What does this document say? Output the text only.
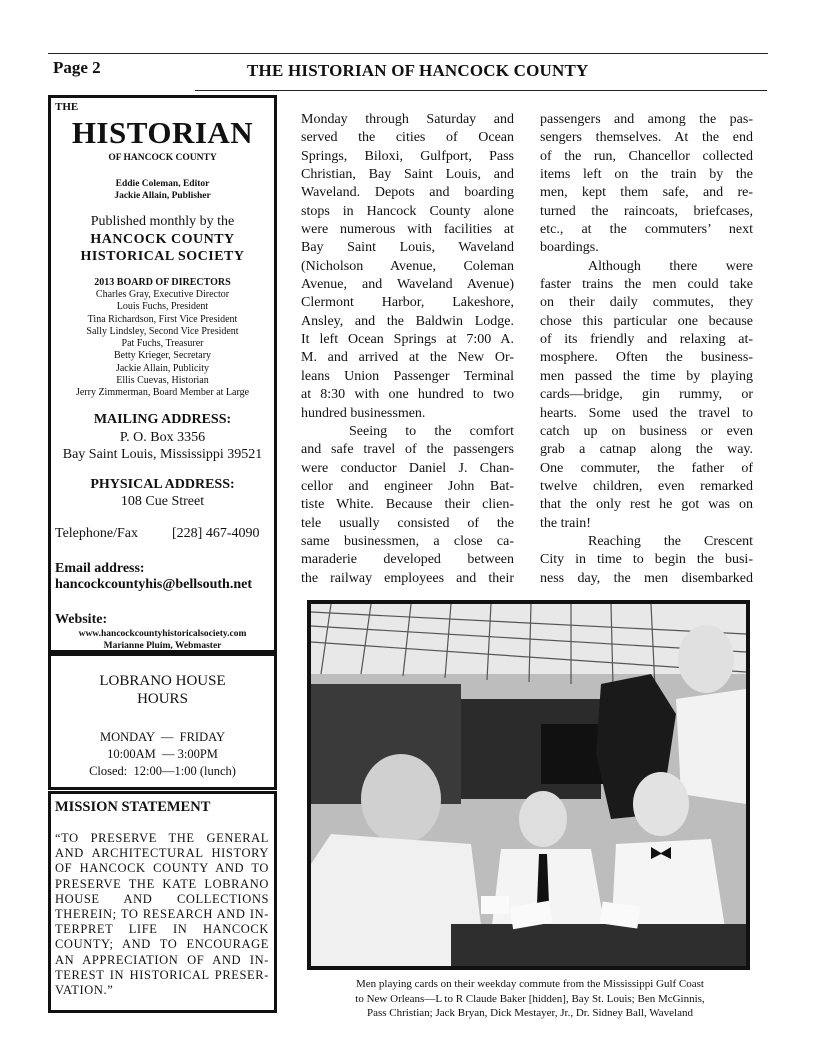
Page 2	THE HISTORIAN OF HANCOCK COUNTY
THE
HISTORIAN
OF HANCOCK COUNTY
Eddie Coleman, Editor
Jackie Allain, Publisher
Published monthly by the
HANCOCK COUNTY
HISTORICAL SOCIETY
2013 BOARD OF DIRECTORS
Charles Gray, Executive Director
Louis Fuchs, President
Tina Richardson, First Vice President
Sally Lindsley, Second Vice President
Pat Fuchs, Treasurer
Betty Krieger, Secretary
Jackie Allain, Publicity
Ellis Cuevas, Historian
Jerry Zimmerman, Board Member at Large
MAILING ADDRESS:
P. O. Box 3356
Bay Saint Louis, Mississippi 39521
PHYSICAL ADDRESS:
108 Cue Street
Telephone/Fax [228] 467-4090
Email address:
hancockcountyhis@bellsouth.net
Website:
www.hancockcountyhistoricalsociety.com
Marianne Pluim, Webmaster
LOBRANO HOUSE
HOURS
MONDAY  —  FRIDAY
10:00AM  — 3:00PM
Closed:  12:00—1:00 (lunch)
MISSION STATEMENT
“TO PRESERVE THE GENERAL
AND ARCHITECTURAL HISTORY
OF HANCOCK COUNTY AND TO
PRESERVE THE KATE LOBRANO
HOUSE AND COLLECTIONS
THEREIN; TO RESEARCH AND IN-
TERPRET LIFE IN HANCOCK
COUNTY; AND TO ENCOURAGE
AN APPRECIATION OF AND IN-
TEREST IN HISTORICAL PRESER-
VATION.”
Monday through Saturday and
served the cities of Ocean
Springs, Biloxi, Gulfport, Pass
Christian, Bay Saint Louis, and
Waveland. Depots and boarding
stops in Hancock County alone
were numerous with facilities at
Bay Saint Louis, Waveland
(Nicholson Avenue, Coleman
Avenue, and Waveland Avenue)
Clermont Harbor, Lakeshore,
Ansley, and the Baldwin Lodge.
It left Ocean Springs at 7:00 A.
M. and arrived at the New Or-
leans Union Passenger Terminal
at 8:30 with one hundred to two
hundred businessmen.
Seeing to the comfort
and safe travel of the passengers
were conductor Daniel J. Chan-
cellor and engineer John Bat-
tiste White. Because their clien-
tele usually consisted of the
same businessmen, a close ca-
maraderie developed between
the railway employees and their
passengers and among the pas-
sengers themselves. At the end
of the run, Chancellor collected
items left on the train by the
men, kept them safe, and re-
turned the raincoats, briefcases,
etc., at the commuters’ next
boardings.
Although there were
faster trains the men could take
on their daily commutes, they
chose this particular one because
of its friendly and relaxing at-
mosphere. Often the business-
men passed the time by playing
cards—bridge, gin rummy, or
hearts. Some used the travel to
catch up on business or even
grab a catnap along the way.
One commuter, the father of
twelve children, even remarked
that the only rest he got was on
the train!
Reaching the Crescent
City in time to begin the busi-
ness day, the men disembarked
Men playing cards on their weekday commute from the Mississippi Gulf Coast
to New Orleans—L to R Claude Baker [hidden], Bay St. Louis; Ben McGinnis,
Pass Christian; Jack Bryan, Dick Mestayer, Jr., Dr. Sidney Ball, Waveland
